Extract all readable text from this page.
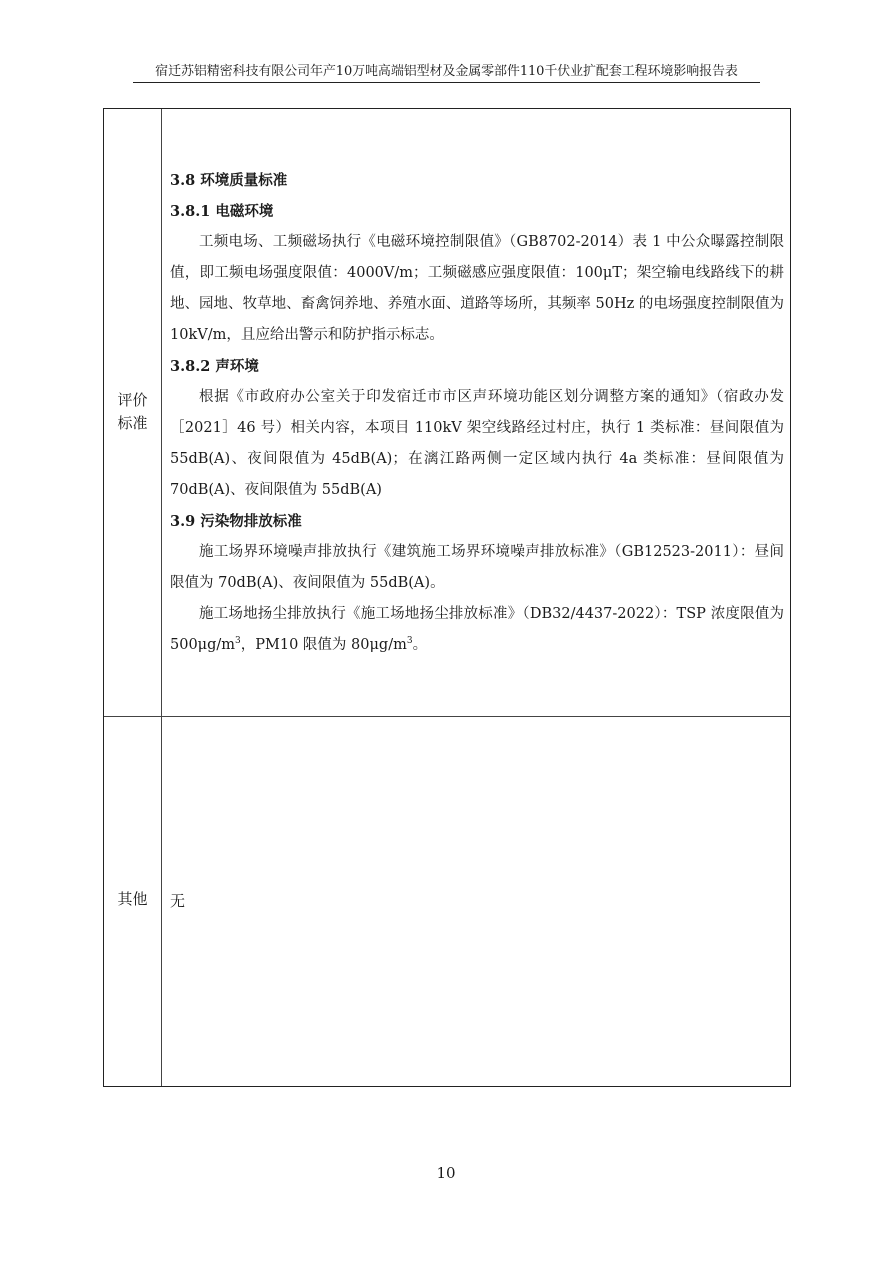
宿迁苏铝精密科技有限公司年产10万吨高端铝型材及金属零部件110千伏业扩配套工程环境影响报告表
评价标准
3.8 环境质量标准
3.8.1 电磁环境
工频电场、工频磁场执行《电磁环境控制限值》（GB8702-2014）表 1 中公众曝露控制限值，即工频电场强度限值：4000V/m；工频磁感应强度限值：100μT；架空输电线路线下的耕地、园地、牧草地、畜禽饲养地、养殖水面、道路等场所，其频率 50Hz 的电场强度控制限值为 10kV/m，且应给出警示和防护指示标志。
3.8.2 声环境
根据《市政府办公室关于印发宿迁市市区声环境功能区划分调整方案的通知》（宿政办发［2021］46 号）相关内容，本项目 110kV 架空线路经过村庄，执行 1 类标准：昼间限值为 55dB(A)、夜间限值为 45dB(A)；在漓江路两侧一定区域内执行 4a 类标准：昼间限值为 70dB(A)、夜间限值为 55dB(A)
3.9 污染物排放标准
施工场界环境噪声排放执行《建筑施工场界环境噪声排放标准》（GB12523-2011）：昼间限值为 70dB(A)、夜间限值为 55dB(A)。
施工场地扬尘排放执行《施工场地扬尘排放标准》（DB32/4437-2022）：TSP 浓度限值为 $500\mu g/m^3$，PM10 限值为 $80\mu g/m^3$。
其他	无
10
